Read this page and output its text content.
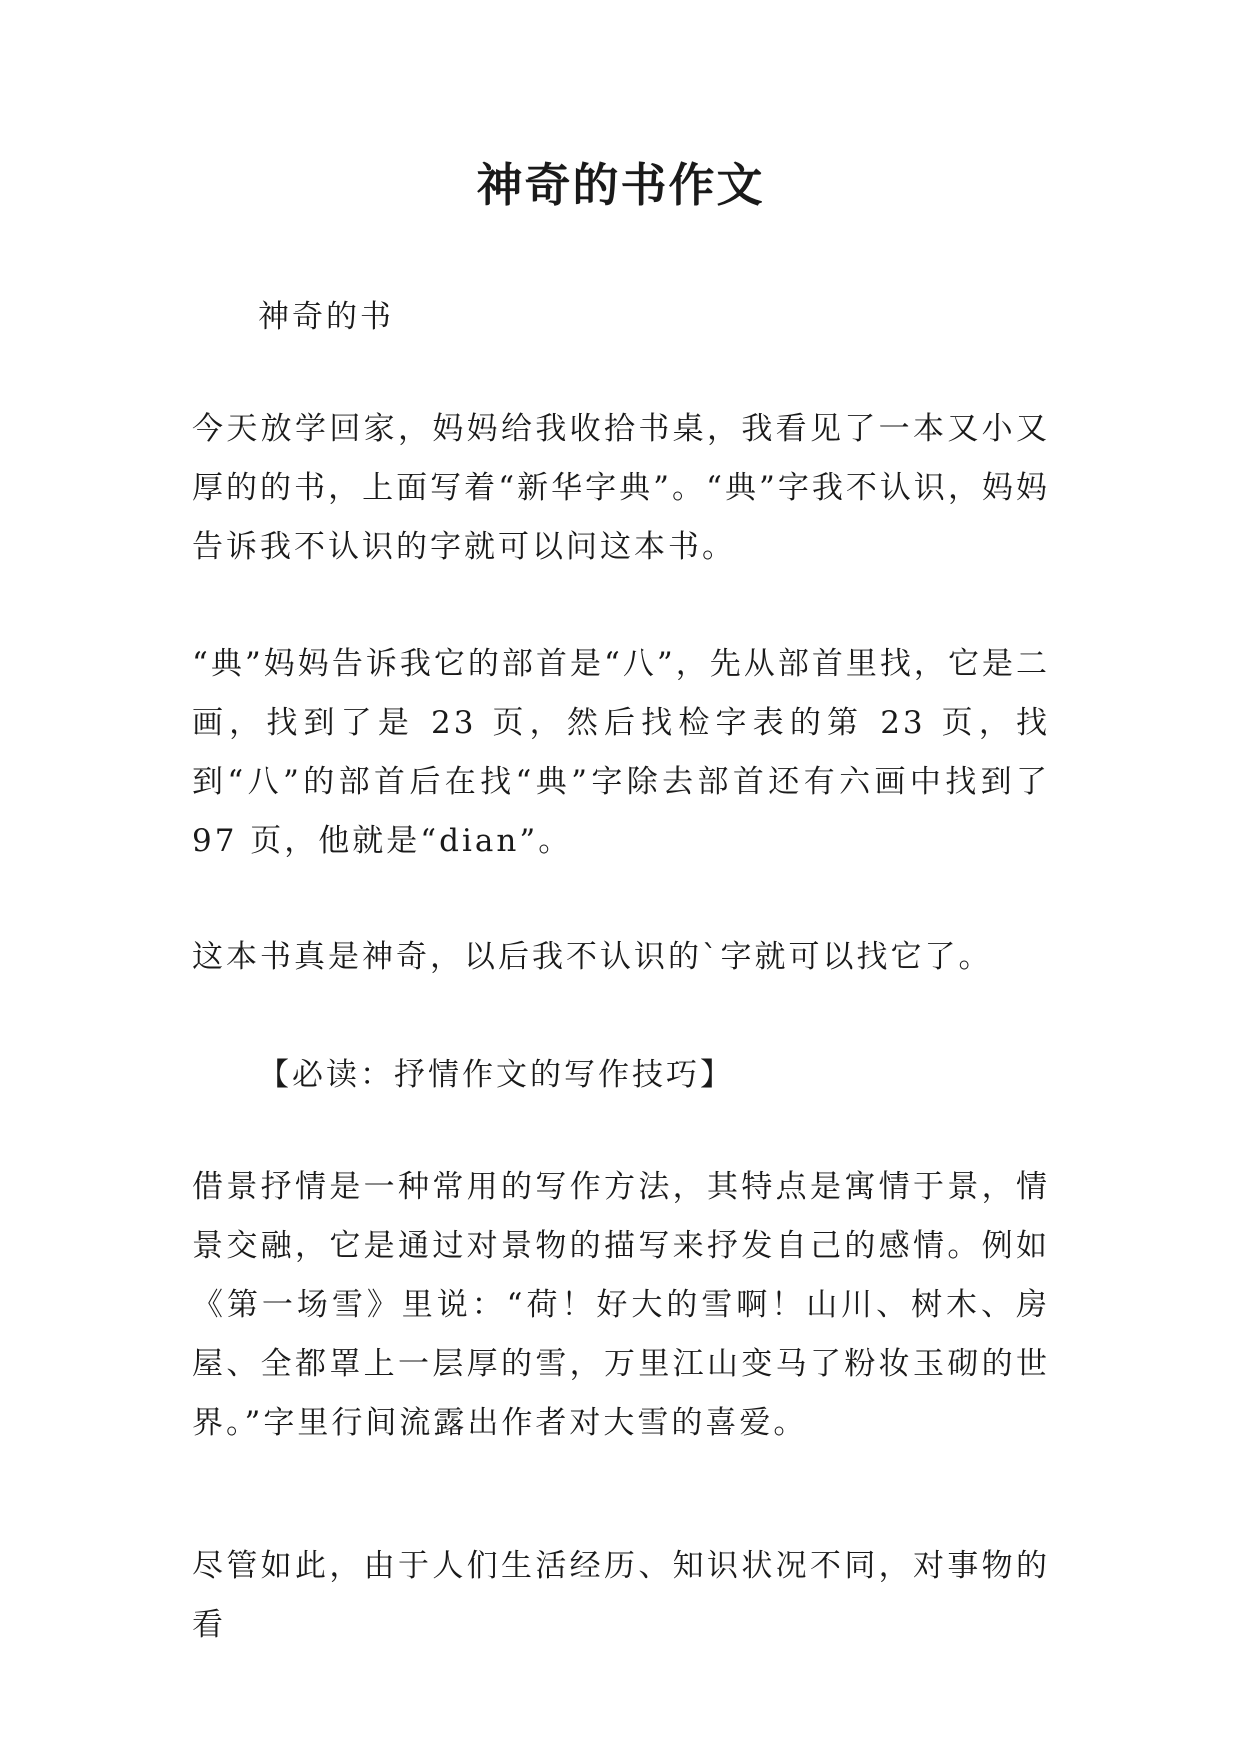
神奇的书作文
神奇的书
今天放学回家，妈妈给我收拾书桌，我看见了一本又小又厚的的书，上面写着“新华字典”。“典”字我不认识，妈妈告诉我不认识的字就可以问这本书。
“典”妈妈告诉我它的部首是“八”，先从部首里找，它是二画，找到了是 23 页，然后找检字表的第 23 页，找到“八”的部首后在找“典”字除去部首还有六画中找到了 97 页，他就是“dian”。
这本书真是神奇，以后我不认识的`字就可以找它了。
【必读：抒情作文的写作技巧】
借景抒情是一种常用的写作方法，其特点是寓情于景，情景交融，它是通过对景物的描写来抒发自己的感情。例如《第一场雪》里说：“荷！好大的雪啊！山川、树木、房屋、全都罩上一层厚的雪，万里江山变马了粉妆玉砌的世界。”字里行间流露出作者对大雪的喜爱。
尽管如此，由于人们生活经历、知识状况不同，对事物的看
